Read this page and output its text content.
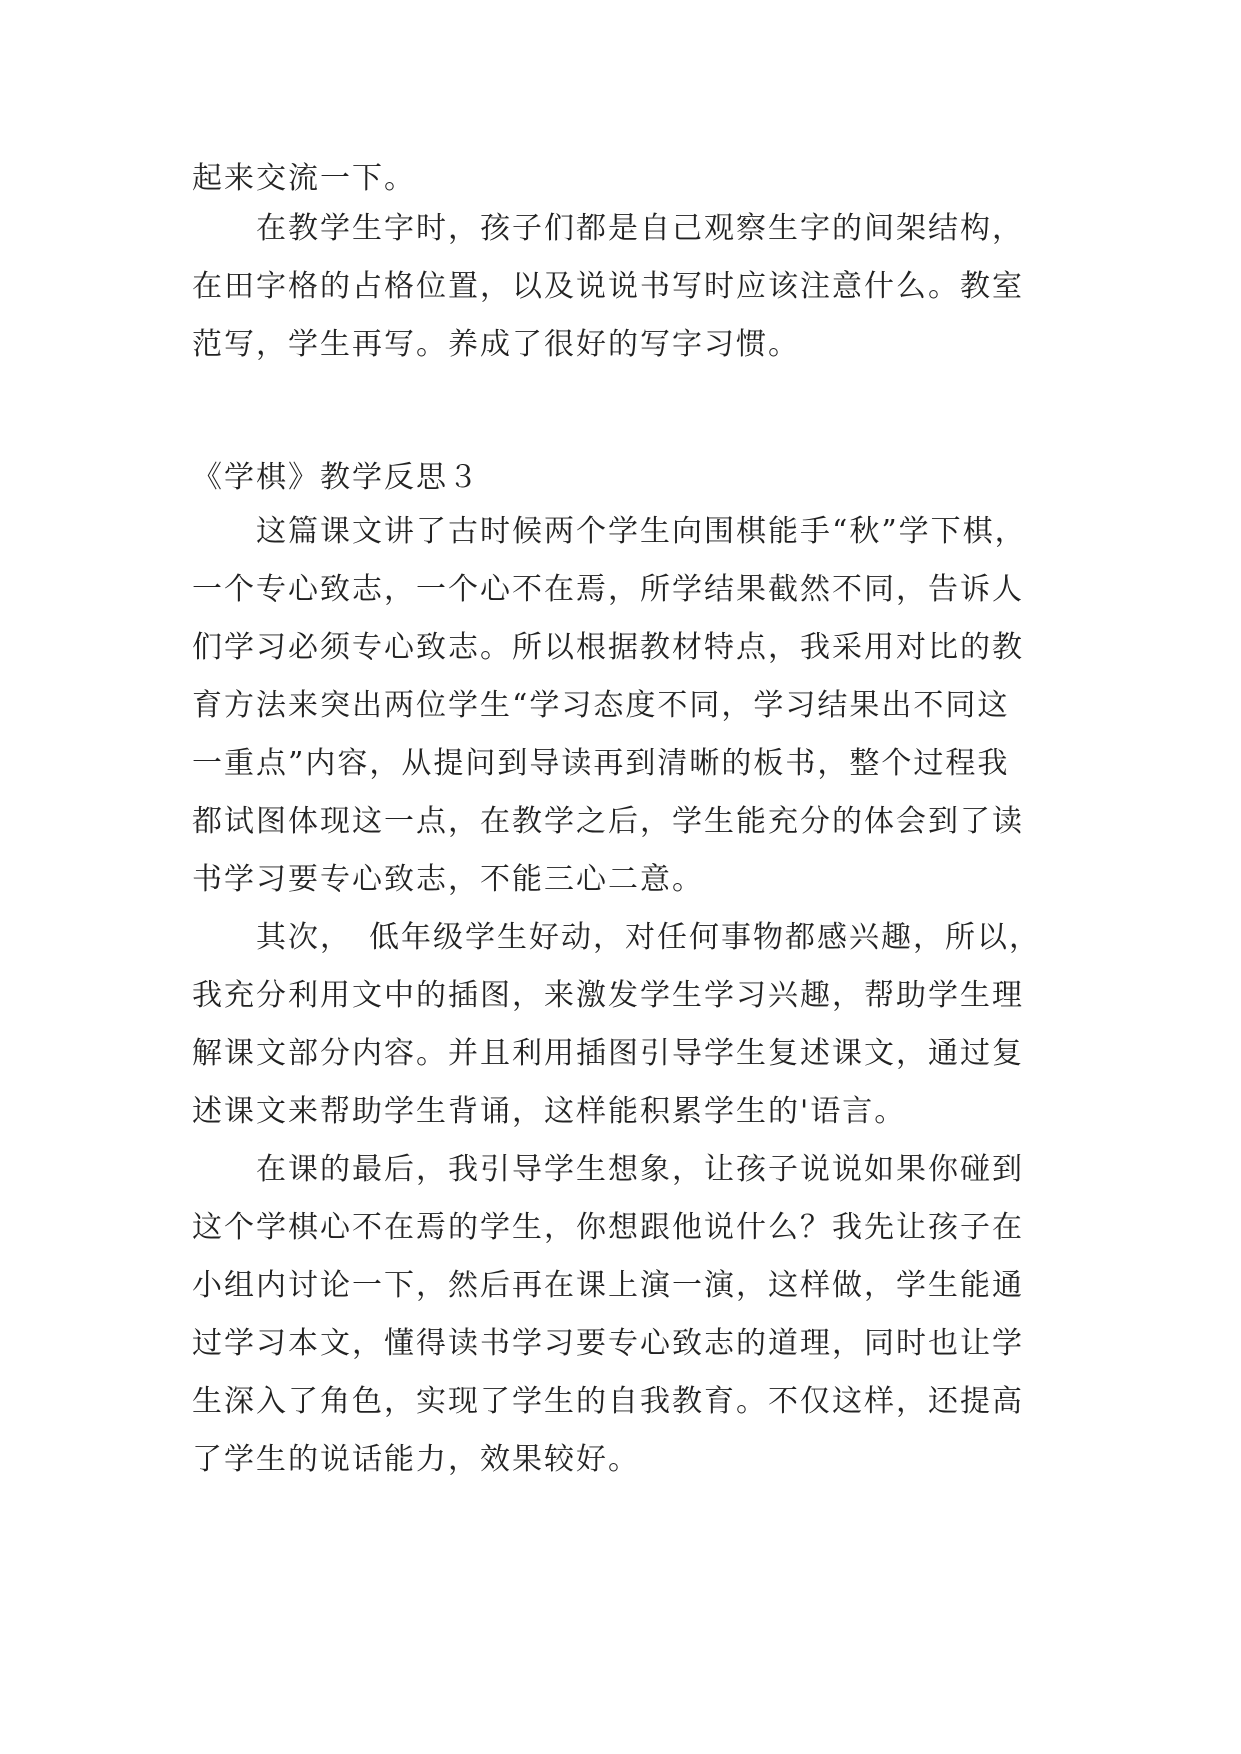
起来交流一下。
在教学生字时，孩子们都是自己观察生字的间架结构，
在田字格的占格位置，以及说说书写时应该注意什么。教室
范写，学生再写。养成了很好的写字习惯。
《学棋》教学反思３
这篇课文讲了古时候两个学生向围棋能手“秋”学下棋，
一个专心致志，一个心不在焉，所学结果截然不同，告诉人
们学习必须专心致志。所以根据教材特点，我采用对比的教
育方法来突出两位学生“学习态度不同，学习结果出不同这
一重点”内容，从提问到导读再到清晰的板书，整个过程我
都试图体现这一点，在教学之后，学生能充分的体会到了读
书学习要专心致志，不能三心二意。
其次，　低年级学生好动，对任何事物都感兴趣，所以，
我充分利用文中的插图，来激发学生学习兴趣，帮助学生理
解课文部分内容。并且利用插图引导学生复述课文，通过复
述课文来帮助学生背诵，这样能积累学生的'语言。
在课的最后，我引导学生想象，让孩子说说如果你碰到
这个学棋心不在焉的学生，你想跟他说什么？我先让孩子在
小组内讨论一下，然后再在课上演一演，这样做，学生能通
过学习本文，懂得读书学习要专心致志的道理，同时也让学
生深入了角色，实现了学生的自我教育。不仅这样，还提高
了学生的说话能力，效果较好。
